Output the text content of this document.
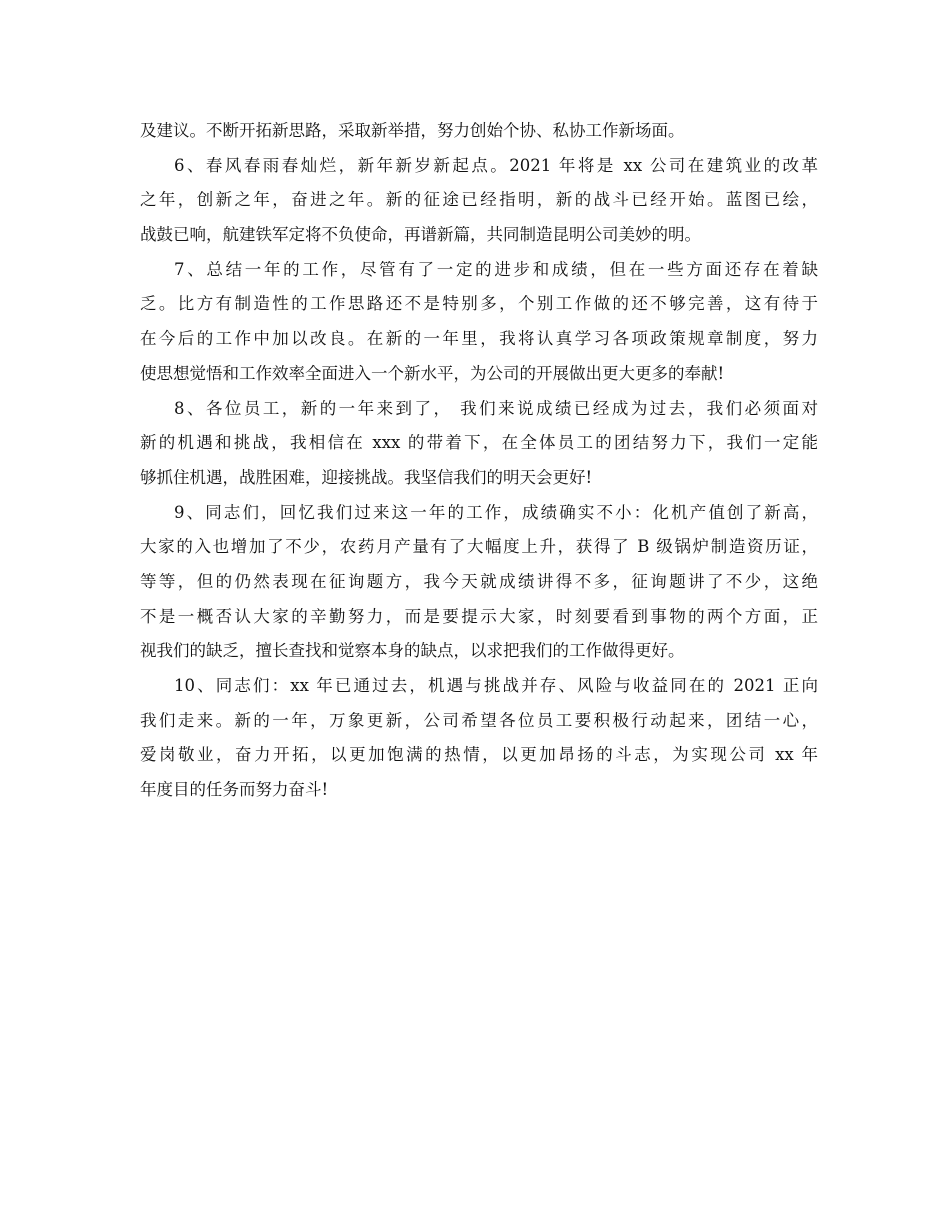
及建议。不断开拓新思路，采取新举措，努力创始个协、私协工作新场面。
6、春风春雨春灿烂，新年新岁新起点。2021 年将是 xx 公司在建筑业的改革
之年，创新之年，奋进之年。新的征途已经指明，新的战斗已经开始。蓝图已绘，
战鼓已响，航建铁军定将不负使命，再谱新篇，共同制造昆明公司美妙的明。
7、总结一年的工作，尽管有了一定的进步和成绩，但在一些方面还存在着缺
乏。比方有制造性的工作思路还不是特别多，个别工作做的还不够完善，这有待于
在今后的工作中加以改良。在新的一年里，我将认真学习各项政策规章制度，努力
使思想觉悟和工作效率全面进入一个新水平，为公司的开展做出更大更多的奉献!
8、各位员工，新的一年来到了， 我们来说成绩已经成为过去，我们必须面对
新的机遇和挑战，我相信在 xxx 的带着下，在全体员工的团结努力下，我们一定能
够抓住机遇，战胜困难，迎接挑战。我坚信我们的明天会更好!
9、同志们，回忆我们过来这一年的工作，成绩确实不小：化机产值创了新高，
大家的入也增加了不少，农药月产量有了大幅度上升，获得了 B 级锅炉制造资历证，
等等，但的仍然表现在征询题方，我今天就成绩讲得不多，征询题讲了不少，这绝
不是一概否认大家的辛勤努力，而是要提示大家，时刻要看到事物的两个方面，正
视我们的缺乏，擅长查找和觉察本身的缺点，以求把我们的工作做得更好。
10、同志们：xx 年已通过去，机遇与挑战并存、风险与收益同在的 2021 正向
我们走来。新的一年，万象更新，公司希望各位员工要积极行动起来，团结一心，
爱岗敬业，奋力开拓，以更加饱满的热情，以更加昂扬的斗志，为实现公司 xx 年
年度目的任务而努力奋斗!
